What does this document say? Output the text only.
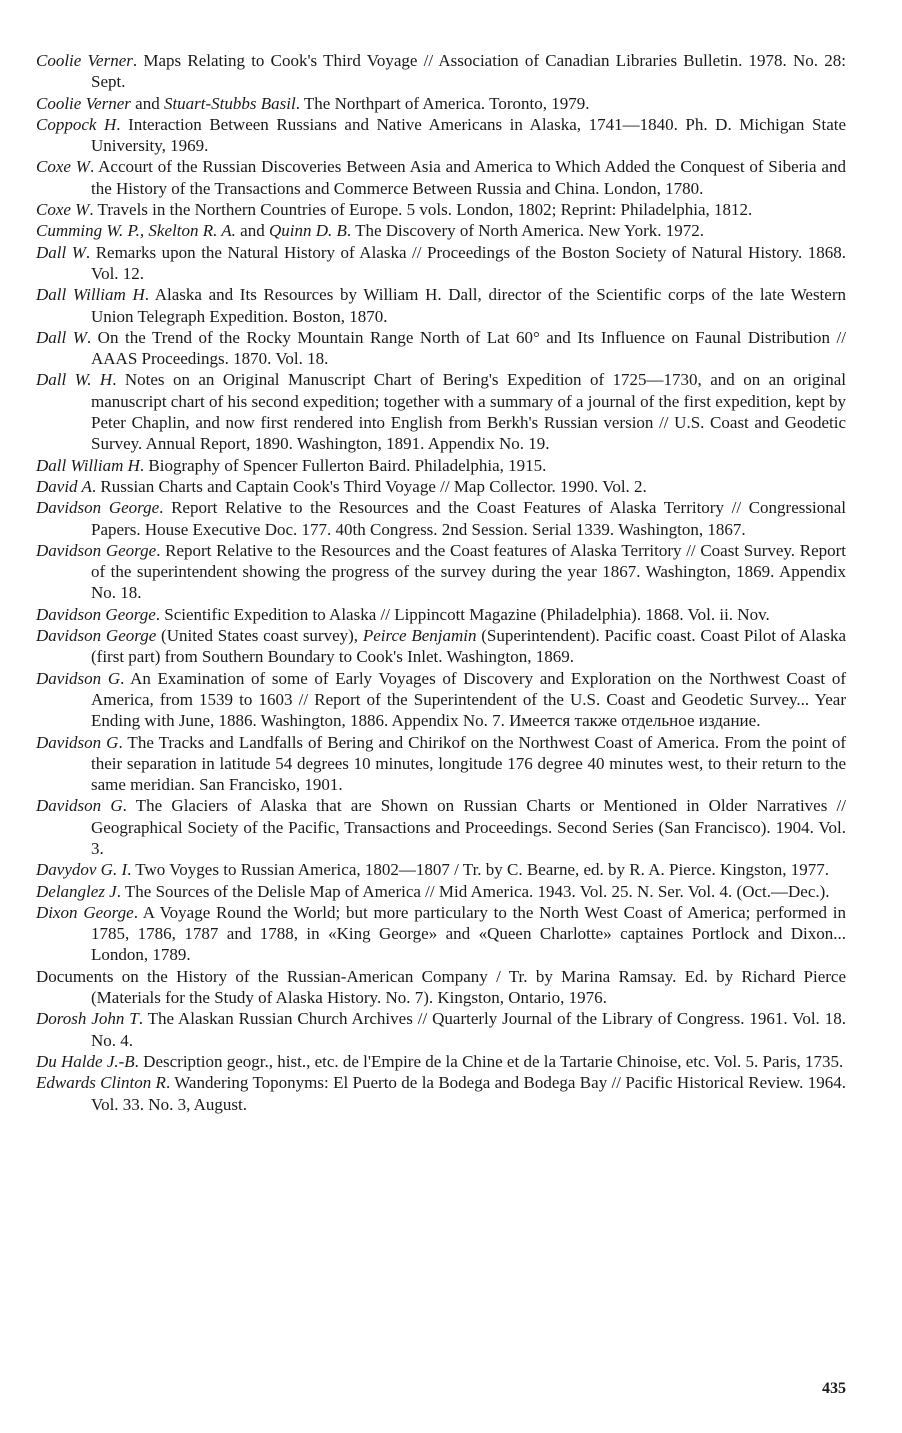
Coolie Verner. Maps Relating to Cook's Third Voyage // Association of Canadian Libraries Bulletin. 1978. No. 28: Sept.

Coolie Verner and Stuart-Stubbs Basil. The Northpart of America. Toronto, 1979.

Coppock H. Interaction Between Russians and Native Americans in Alaska, 1741—1840. Ph. D. Michigan State University, 1969.

Coxe W. Accourt of the Russian Discoveries Between Asia and America to Which Added the Conquest of Siberia and the History of the Transactions and Commerce Between Russia and China. London, 1780.

Coxe W. Travels in the Northern Countries of Europe. 5 vols. London, 1802; Reprint: Philadelphia, 1812.

Cumming W. P., Skelton R. A. and Quinn D. B. The Discovery of North America. New York. 1972.

Dall W. Remarks upon the Natural History of Alaska // Proceedings of the Boston Society of Natural History. 1868. Vol. 12.

Dall William H. Alaska and Its Resources by William H. Dall, director of the Scientific corps of the late Western Union Telegraph Expedition. Boston, 1870.

Dall W. On the Trend of the Rocky Mountain Range North of Lat 60° and Its Influence on Faunal Distribution // AAAS Proceedings. 1870. Vol. 18.

Dall W. H. Notes on an Original Manuscript Chart of Bering's Expedition of 1725—1730, and on an original manuscript chart of his second expedition; together with a summary of a journal of the first expedition, kept by Peter Chaplin, and now first rendered into English from Berkh's Russian version // U.S. Coast and Geodetic Survey. Annual Report, 1890. Washington, 1891. Appendix No. 19.

Dall William H. Biography of Spencer Fullerton Baird. Philadelphia, 1915.

David A. Russian Charts and Captain Cook's Third Voyage // Map Collector. 1990. Vol. 2.

Davidson George. Report Relative to the Resources and the Coast Features of Alaska Territory // Congressional Papers. House Executive Doc. 177. 40th Congress. 2nd Session. Serial 1339. Washington, 1867.

Davidson George. Report Relative to the Resources and the Coast features of Alaska Territory // Coast Survey. Report of the superintendent showing the progress of the survey during the year 1867. Washington, 1869. Appendix No. 18.

Davidson George. Scientific Expedition to Alaska // Lippincott Magazine (Philadelphia). 1868. Vol. ii. Nov.

Davidson George (United States coast survey), Peirce Benjamin (Superintendent). Pacific coast. Coast Pilot of Alaska (first part) from Southern Boundary to Cook's Inlet. Washington, 1869.

Davidson G. An Examination of some of Early Voyages of Discovery and Exploration on the Northwest Coast of America, from 1539 to 1603 // Report of the Superintendent of the U.S. Coast and Geodetic Survey... Year Ending with June, 1886. Washington, 1886. Appendix No. 7. Имеется также отдельное издание.

Davidson G. The Tracks and Landfalls of Bering and Chirikof on the Northwest Coast of America. From the point of their separation in latitude 54 degrees 10 minutes, longitude 176 degree 40 minutes west, to their return to the same meridian. San Francisko, 1901.

Davidson G. The Glaciers of Alaska that are Shown on Russian Charts or Mentioned in Older Narratives // Geographical Society of the Pacific, Transactions and Proceedings. Second Series (San Francisco). 1904. Vol. 3.

Davydov G. I. Two Voyges to Russian America, 1802—1807 / Tr. by C. Bearne, ed. by R. A. Pierce. Kingston, 1977.

Delanglez J. The Sources of the Delisle Map of America // Mid America. 1943. Vol. 25. N. Ser. Vol. 4. (Oct.—Dec.).

Dixon George. A Voyage Round the World; but more particulary to the North West Coast of America; performed in 1785, 1786, 1787 and 1788, in «King George» and «Queen Charlotte» captaines Portlock and Dixon... London, 1789.

Documents on the History of the Russian-American Company / Tr. by Marina Ramsay. Ed. by Richard Pierce (Materials for the Study of Alaska History. No. 7). Kingston, Ontario, 1976.

Dorosh John T. The Alaskan Russian Church Archives // Quarterly Journal of the Library of Congress. 1961. Vol. 18. No. 4.

Du Halde J.-B. Description geogr., hist., etc. de l'Empire de la Chine et de la Tartarie Chinoise, etc. Vol. 5. Paris, 1735.

Edwards Clinton R. Wandering Toponyms: El Puerto de la Bodega and Bodega Bay // Pacific Historical Review. 1964. Vol. 33. No. 3, August.

435
